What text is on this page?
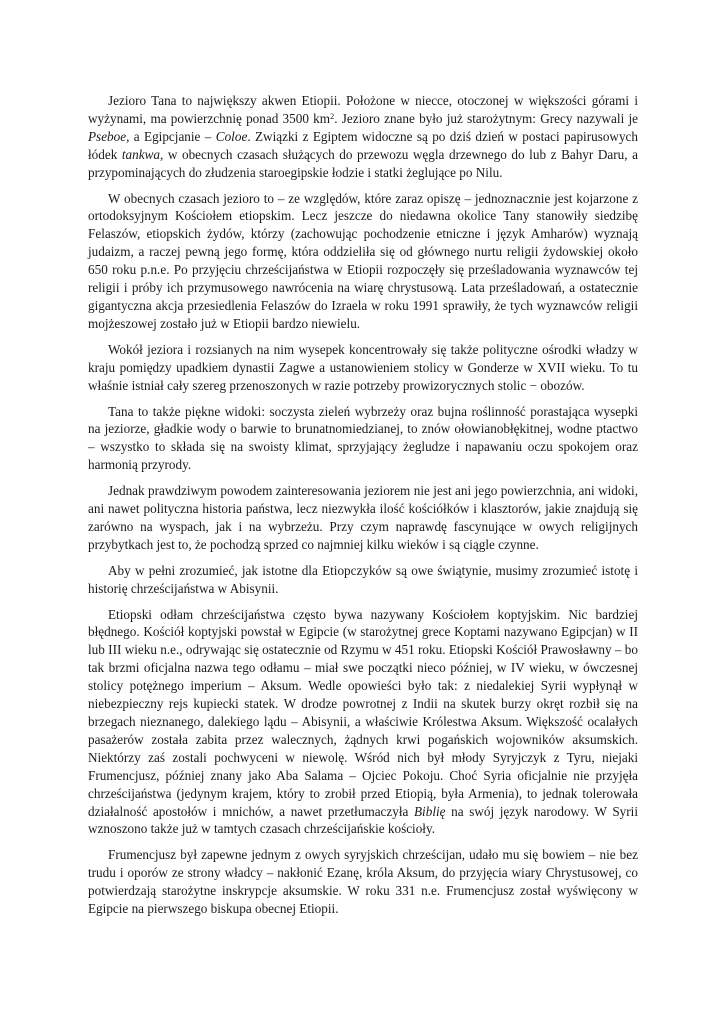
Jezioro Tana to największy akwen Etiopii. Położone w niecce, otoczonej w większości górami i wyżynami, ma powierzchnię ponad 3500 $km^2$. Jezioro znane było już starożytnym: Grecy nazywali je Pseboe, a Egipcjanie – Coloe. Związki z Egiptem widoczne są po dziś dzień w postaci papirusowych łódek tankwa, w obecnych czasach służących do przewozu węgla drzewnego do lub z Bahyr Daru, a przypominających do złudzenia staroegipskie łodzie i statki żeglujące po Nilu.

W obecnych czasach jezioro to – ze względów, które zaraz opiszę – jednoznacznie jest kojarzone z ortodoksyjnym Kościołem etiopskim. Lecz jeszcze do niedawna okolice Tany stanowiły siedzibę Felaszów, etiopskich żydów, którzy (zachowując pochodzenie etniczne i język Amharów) wyznają judaizm, a raczej pewną jego formę, która oddzieliła się od głównego nurtu religii żydowskiej około 650 roku p.n.e. Po przyjęciu chrześcijaństwa w Etiopii rozpoczęły się prześladowania wyznawców tej religii i próby ich przymusowego nawrócenia na wiarę chrystusową. Lata prześladowań, a ostatecznie gigantyczna akcja przesiedlenia Felaszów do Izraela w roku 1991 sprawiły, że tych wyznawców religii mojżeszowej zostało już w Etiopii bardzo niewielu.

Wokół jeziora i rozsianych na nim wysepek koncentrowały się także polityczne ośrodki władzy w kraju pomiędzy upadkiem dynastii Zagwe a ustanowieniem stolicy w Gonderze w XVII wieku. To tu właśnie istniał cały szereg przenoszonych w razie potrzeby prowizorycznych stolic − obozów.

Tana to także piękne widoki: soczysta zieleń wybrzeży oraz bujna roślinność porastająca wysepki na jeziorze, gładkie wody o barwie to brunatnomiedzianej, to znów ołowianobłękitnej, wodne ptactwo – wszystko to składa się na swoisty klimat, sprzyjający żegludze i napawaniu oczu spokojem oraz harmonią przyrody.

Jednak prawdziwym powodem zainteresowania jeziorem nie jest ani jego powierzchnia, ani widoki, ani nawet polityczna historia państwa, lecz niezwykła ilość kościółków i klasztorów, jakie znajdują się zarówno na wyspach, jak i na wybrzeżu. Przy czym naprawdę fascynujące w owych religijnych przybytkach jest to, że pochodzą sprzed co najmniej kilku wieków i są ciągle czynne.

Aby w pełni zrozumieć, jak istotne dla Etiopczyków są owe świątynie, musimy zrozumieć istotę i historię chrześcijaństwa w Abisynii.

Etiopski odłam chrześcijaństwa często bywa nazywany Kościołem koptyjskim. Nic bardziej błędnego. Kościół koptyjski powstał w Egipcie (w starożytnej grece Koptami nazywano Egipcjan) w II lub III wieku n.e., odrywając się ostatecznie od Rzymu w 451 roku. Etiopski Kościół Prawosławny – bo tak brzmi oficjalna nazwa tego odłamu – miał swe początki nieco później, w IV wieku, w ówczesnej stolicy potężnego imperium – Aksum. Wedle opowieści było tak: z niedalekiej Syrii wypłynął w niebezpieczny rejs kupiecki statek. W drodze powrotnej z Indii na skutek burzy okręt rozbił się na brzegach nieznanego, dalekiego lądu – Abisynii, a właściwie Królestwa Aksum. Większość ocalałych pasażerów została zabita przez walecznych, żądnych krwi pogańskich wojowników aksumskich. Niektórzy zaś zostali pochwyceni w niewolę. Wśród nich był młody Syryjczyk z Tyru, niejaki Frumencjusz, później znany jako Aba Salama – Ojciec Pokoju. Choć Syria oficjalnie nie przyjęła chrześcijaństwa (jedynym krajem, który to zrobił przed Etiopią, była Armenia), to jednak tolerowała działalność apostołów i mnichów, a nawet przetłumaczyła Biblię na swój język narodowy. W Syrii wznoszono także już w tamtych czasach chrześcijańskie kościoły.

Frumencjusz był zapewne jednym z owych syryjskich chrześcijan, udało mu się bowiem – nie bez trudu i oporów ze strony władcy – nakłonić Ezanę, króla Aksum, do przyjęcia wiary Chrystusowej, co potwierdzają starożytne inskrypcje aksumskie. W roku 331 n.e. Frumencjusz został wyświęcony w Egipcie na pierwszego biskupa obecnej Etiopii.
